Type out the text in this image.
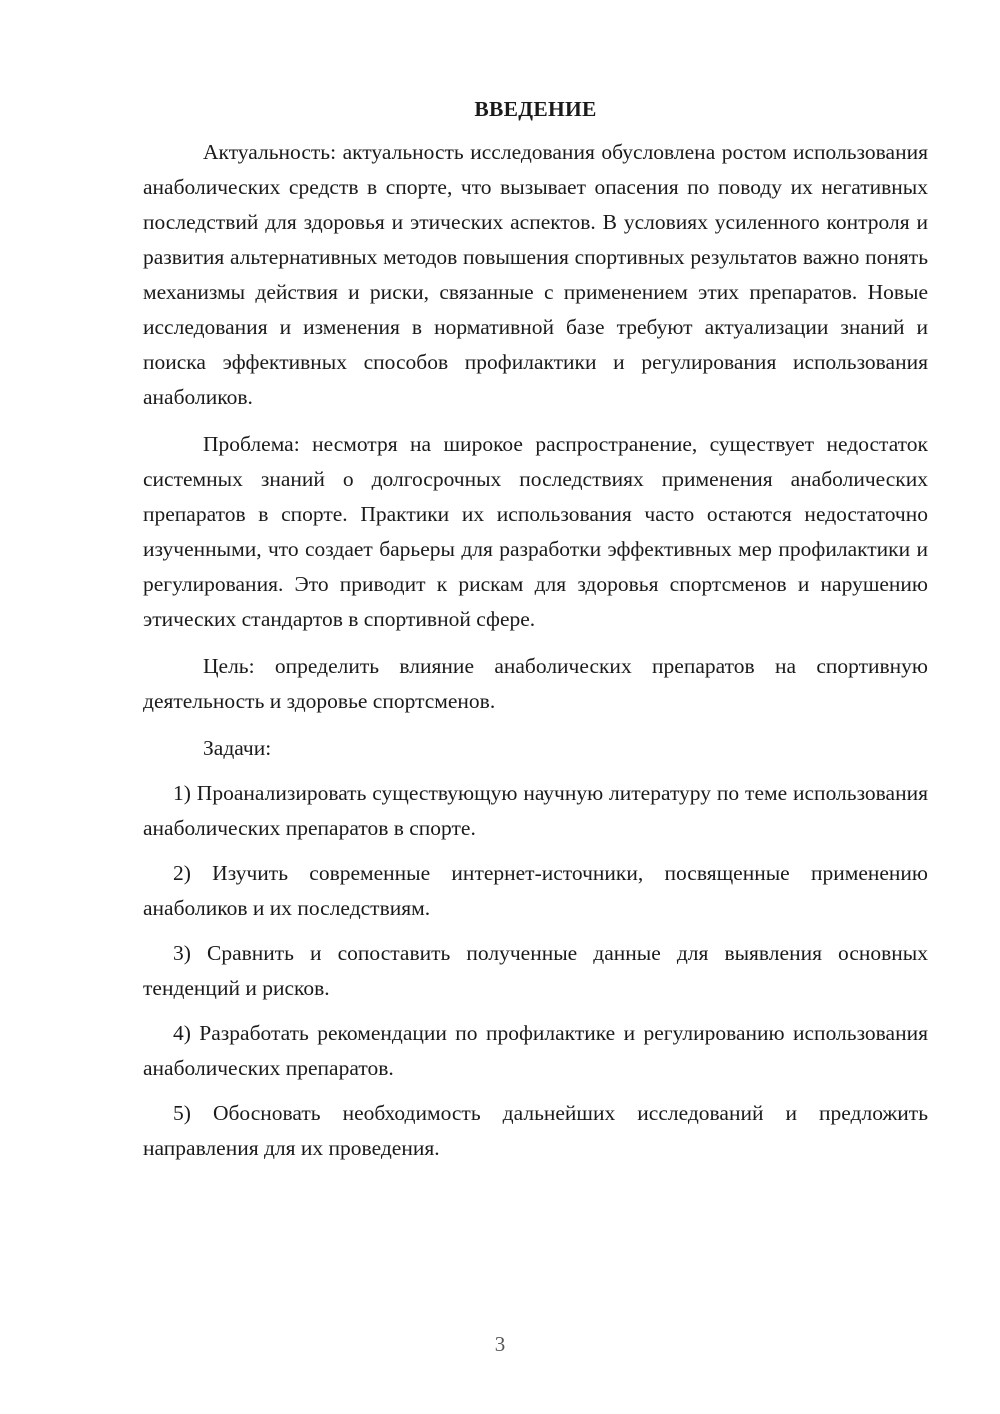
ВВЕДЕНИЕ

Актуальность: актуальность исследования обусловлена ростом использования анаболических средств в спорте, что вызывает опасения по поводу их негативных последствий для здоровья и этических аспектов. В условиях усиленного контроля и развития альтернативных методов повышения спортивных результатов важно понять механизмы действия и риски, связанные с применением этих препаратов. Новые исследования и изменения в нормативной базе требуют актуализации знаний и поиска эффективных способов профилактики и регулирования использования анаболиков.

Проблема: несмотря на широкое распространение, существует недостаток системных знаний о долгосрочных последствиях применения анаболических препаратов в спорте. Практики их использования часто остаются недостаточно изученными, что создает барьеры для разработки эффективных мер профилактики и регулирования. Это приводит к рискам для здоровья спортсменов и нарушению этических стандартов в спортивной сфере.

Цель: определить влияние анаболических препаратов на спортивную деятельность и здоровье спортсменов.

Задачи:

1) Проанализировать существующую научную литературу по теме использования анаболических препаратов в спорте.

2) Изучить современные интернет-источники, посвященные применению анаболиков и их последствиям.

3) Сравнить и сопоставить полученные данные для выявления основных тенденций и рисков.

4) Разработать рекомендации по профилактике и регулированию использования анаболических препаратов.

5) Обосновать необходимость дальнейших исследований и предложить направления для их проведения.

3
